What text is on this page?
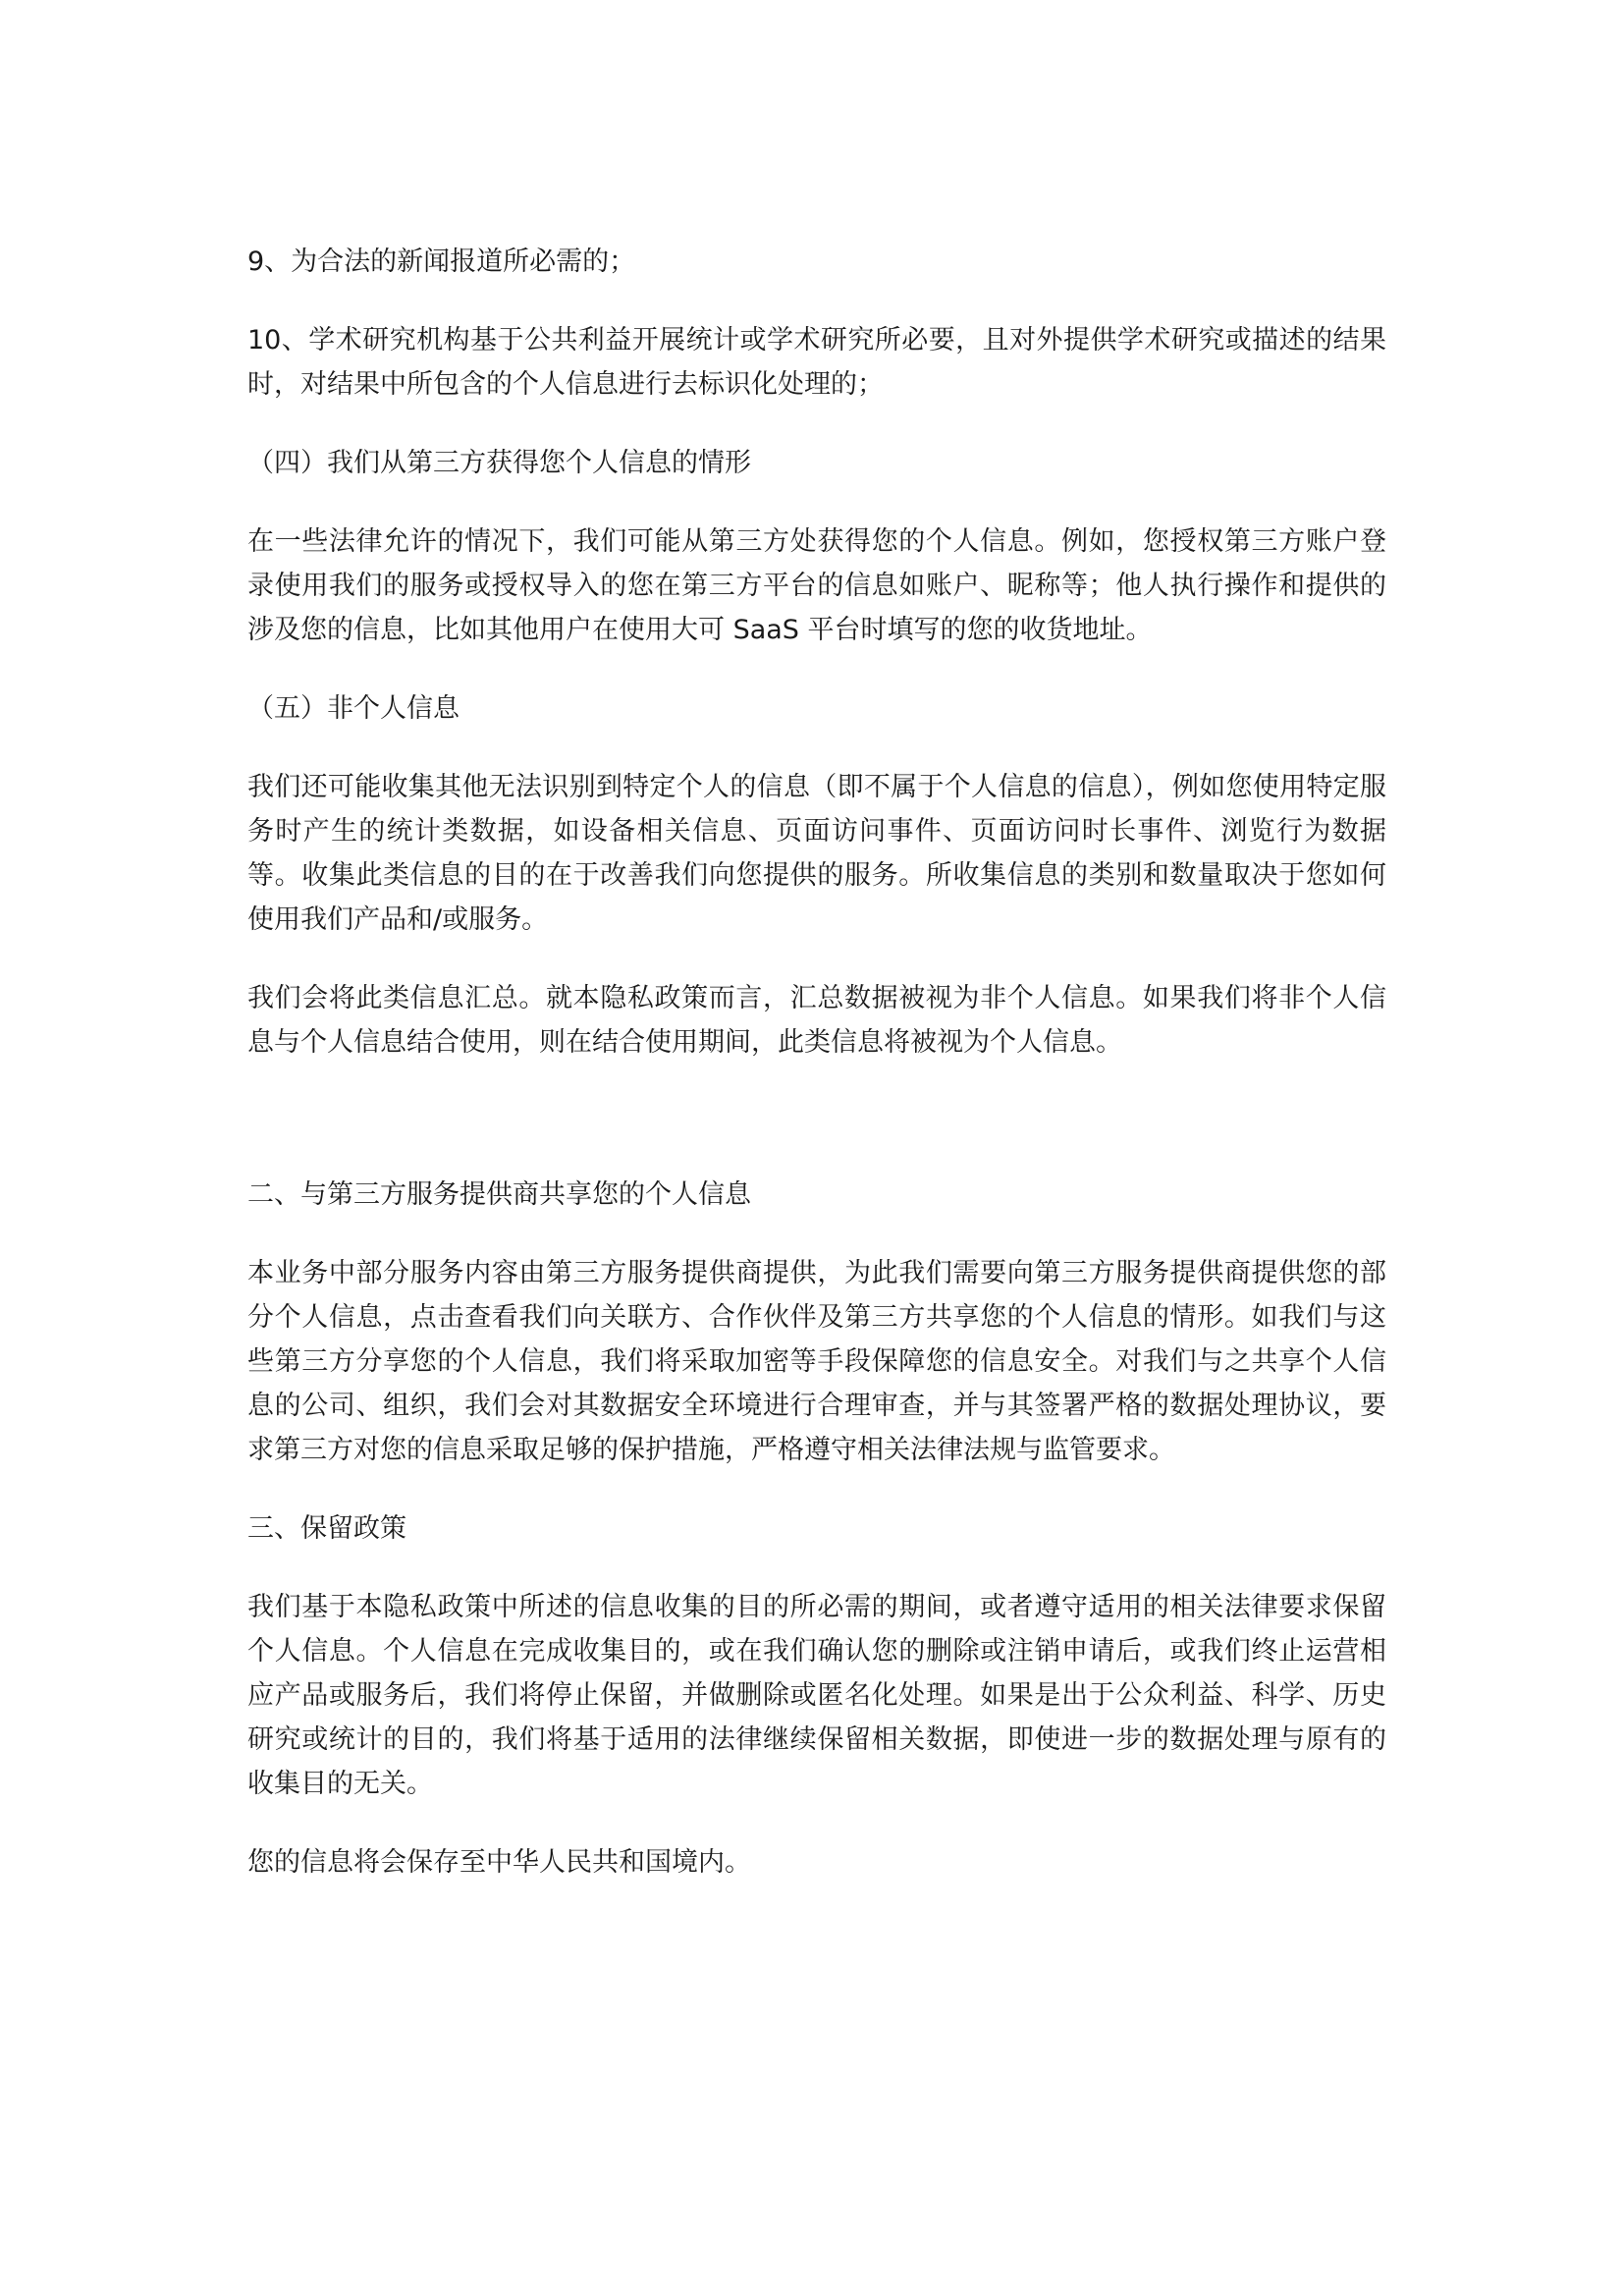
9、为合法的新闻报道所必需的；

10、学术研究机构基于公共利益开展统计或学术研究所必要，且对外提供学术研究或描述的结果时，对结果中所包含的个人信息进行去标识化处理的；

（四）我们从第三方获得您个人信息的情形

在一些法律允许的情况下，我们可能从第三方处获得您的个人信息。例如，您授权第三方账户登录使用我们的服务或授权导入的您在第三方平台的信息如账户、昵称等；他人执行操作和提供的涉及您的信息，比如其他用户在使用大可 SaaS 平台时填写的您的收货地址。

（五）非个人信息

我们还可能收集其他无法识别到特定个人的信息（即不属于个人信息的信息），例如您使用特定服务时产生的统计类数据，如设备相关信息、页面访问事件、页面访问时长事件、浏览行为数据等。收集此类信息的目的在于改善我们向您提供的服务。所收集信息的类别和数量取决于您如何使用我们产品和/或服务。

我们会将此类信息汇总。就本隐私政策而言，汇总数据被视为非个人信息。如果我们将非个人信息与个人信息结合使用，则在结合使用期间，此类信息将被视为个人信息。

二、与第三方服务提供商共享您的个人信息

本业务中部分服务内容由第三方服务提供商提供，为此我们需要向第三方服务提供商提供您的部分个人信息，点击查看我们向关联方、合作伙伴及第三方共享您的个人信息的情形。如我们与这些第三方分享您的个人信息，我们将采取加密等手段保障您的信息安全。对我们与之共享个人信息的公司、组织，我们会对其数据安全环境进行合理审查，并与其签署严格的数据处理协议，要求第三方对您的信息采取足够的保护措施，严格遵守相关法律法规与监管要求。

三、保留政策

我们基于本隐私政策中所述的信息收集的目的所必需的期间，或者遵守适用的相关法律要求保留个人信息。个人信息在完成收集目的，或在我们确认您的删除或注销申请后，或我们终止运营相应产品或服务后，我们将停止保留，并做删除或匿名化处理。如果是出于公众利益、科学、历史研究或统计的目的，我们将基于适用的法律继续保留相关数据，即使进一步的数据处理与原有的收集目的无关。

您的信息将会保存至中华人民共和国境内。
